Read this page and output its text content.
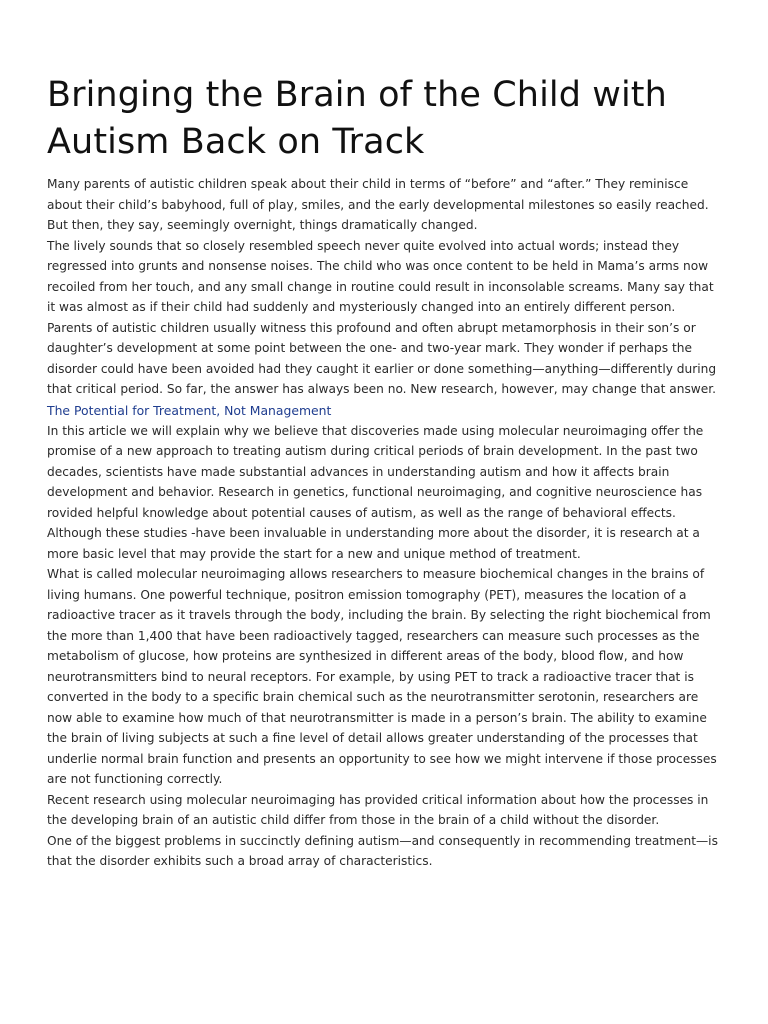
Bringing the Brain of the Child with Autism Back on Track

Many parents of autistic children speak about their child in terms of “before” and “after.” They reminisce about their child’s babyhood, full of play, smiles, and the early developmental milestones so easily reached. But then, they say, seemingly overnight, things dramatically changed.

The lively sounds that so closely resembled speech never quite evolved into actual words; instead they regressed into grunts and nonsense noises. The child who was once content to be held in Mama’s arms now recoiled from her touch, and any small change in routine could result in inconsolable screams. Many say that it was almost as if their child had suddenly and mysteriously changed into an entirely different person.

Parents of autistic children usually witness this profound and often abrupt metamorphosis in their son’s or daughter’s development at some point between the one- and two-year mark. They wonder if perhaps the disorder could have been avoided had they caught it earlier or done something—anything—differently during that critical period. So far, the answer has always been no. New research, however, may change that answer.

The Potential for Treatment, Not Management

In this article we will explain why we believe that discoveries made using molecular neuroimaging offer the promise of a new approach to treating autism during critical periods of brain development. In the past two decades, scientists have made substantial advances in understanding autism and how it affects brain development and behavior. Research in genetics, functional neuroimaging, and cognitive neuroscience has rovided helpful knowledge about potential causes of autism, as well as the range of behavioral effects. Although these studies -have been invaluable in understanding more about the disorder, it is research at a more basic level that may provide the start for a new and unique method of treatment.

What is called molecular neuroimaging allows researchers to measure biochemical changes in the brains of living humans. One powerful technique, positron emission tomography (PET), measures the location of a radioactive tracer as it travels through the body, including the brain. By selecting the right biochemical from the more than 1,400 that have been radioactively tagged, researchers can measure such processes as the metabolism of glucose, how proteins are synthesized in different areas of the body, blood flow, and how neurotransmitters bind to neural receptors. For example, by using PET to track a radioactive tracer that is converted in the body to a specific brain chemical such as the neurotransmitter serotonin, researchers are now able to examine how much of that neurotransmitter is made in a person’s brain. The ability to examine the brain of living subjects at such a fine level of detail allows greater understanding of the processes that underlie normal brain function and presents an opportunity to see how we might intervene if those processes are not functioning correctly.

Recent research using molecular neuroimaging has provided critical information about how the processes in the developing brain of an autistic child differ from those in the brain of a child without the disorder.

One of the biggest problems in succinctly defining autism—and consequently in recommending treatment—is that the disorder exhibits such a broad array of characteristics.
